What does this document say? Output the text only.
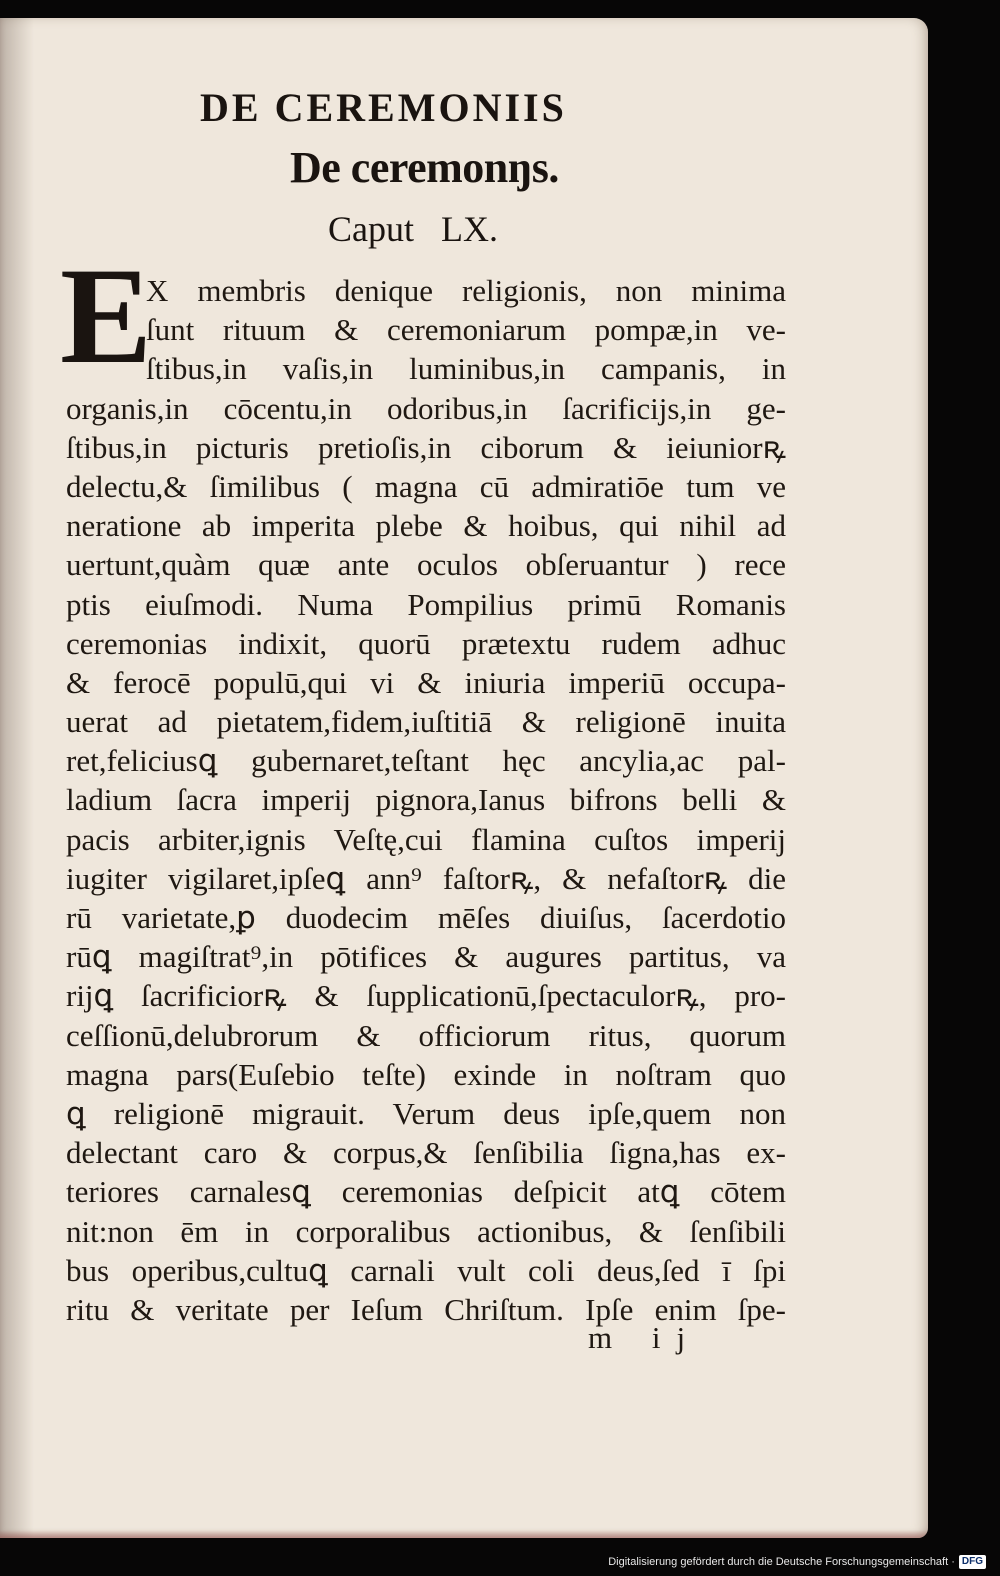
DE CEREMONIIS
De ceremonŋs.
Caput   LX.
E
X membris denique religionis, non minima
ſunt rituum & ceremoniarum pompæ,in ve-
ſtibus,in vaſis,in luminibus,in campanis, in
organis,in cōcentu,in odoribus,in ſacrificijs,in ge-
ſtibus,in picturis pretioſis,in ciborum & ieiuniorꝶ
delectu,& ſimilibus ( magna cū admiratiōe tum ve
neratione ab imperita plebe & hoibus, qui nihil ad
uertunt,quàm quæ ante oculos obſeruantur ) rece
ptis eiuſmodi. Numa Pompilius primū Romanis
ceremonias indixit, quorū prætextu rudem adhuc
& ferocē populū,qui vi & iniuria imperiū occupa-
uerat ad pietatem,fidem,iuſtitiā & religionē inuita
ret,feliciusꝗ gubernaret,teſtant hęc ancylia,ac pal-
ladium ſacra imperij pignora,Ianus bifrons belli &
pacis arbiter,ignis Veſtę,cui flamina cuſtos imperij
iugiter vigilaret,ipſeꝗ ann⁹ faſtorꝶ, & nefaſtorꝶ die
rū varietate,ꝑ duodecim mēſes diuiſus, ſacerdotio
rūꝗ magiſtrat⁹,in pōtifices & augures partitus, va
rijꝗ ſacrificiorꝶ & ſupplicationū,ſpectaculorꝶ, pro-
ceſſionū,delubrorum & officiorum ritus, quorum
magna pars(Euſebio teſte) exinde in noſtram quo
ꝗ religionē migrauit. Verum deus ipſe,quem non
delectant caro & corpus,& ſenſibilia ſigna,has ex-
teriores carnalesꝗ ceremonias deſpicit atꝗ cōtem
nit:non ēm in corporalibus actionibus, & ſenſibili
bus operibus,cultuꝗ carnali vult coli deus,ſed ī ſpi
ritu & veritate per Ieſum Chriſtum. Ipſe enim ſpe-
m ij
Digitalisierung gefördert durch die Deutsche Forschungsgemeinschaft · DFG
